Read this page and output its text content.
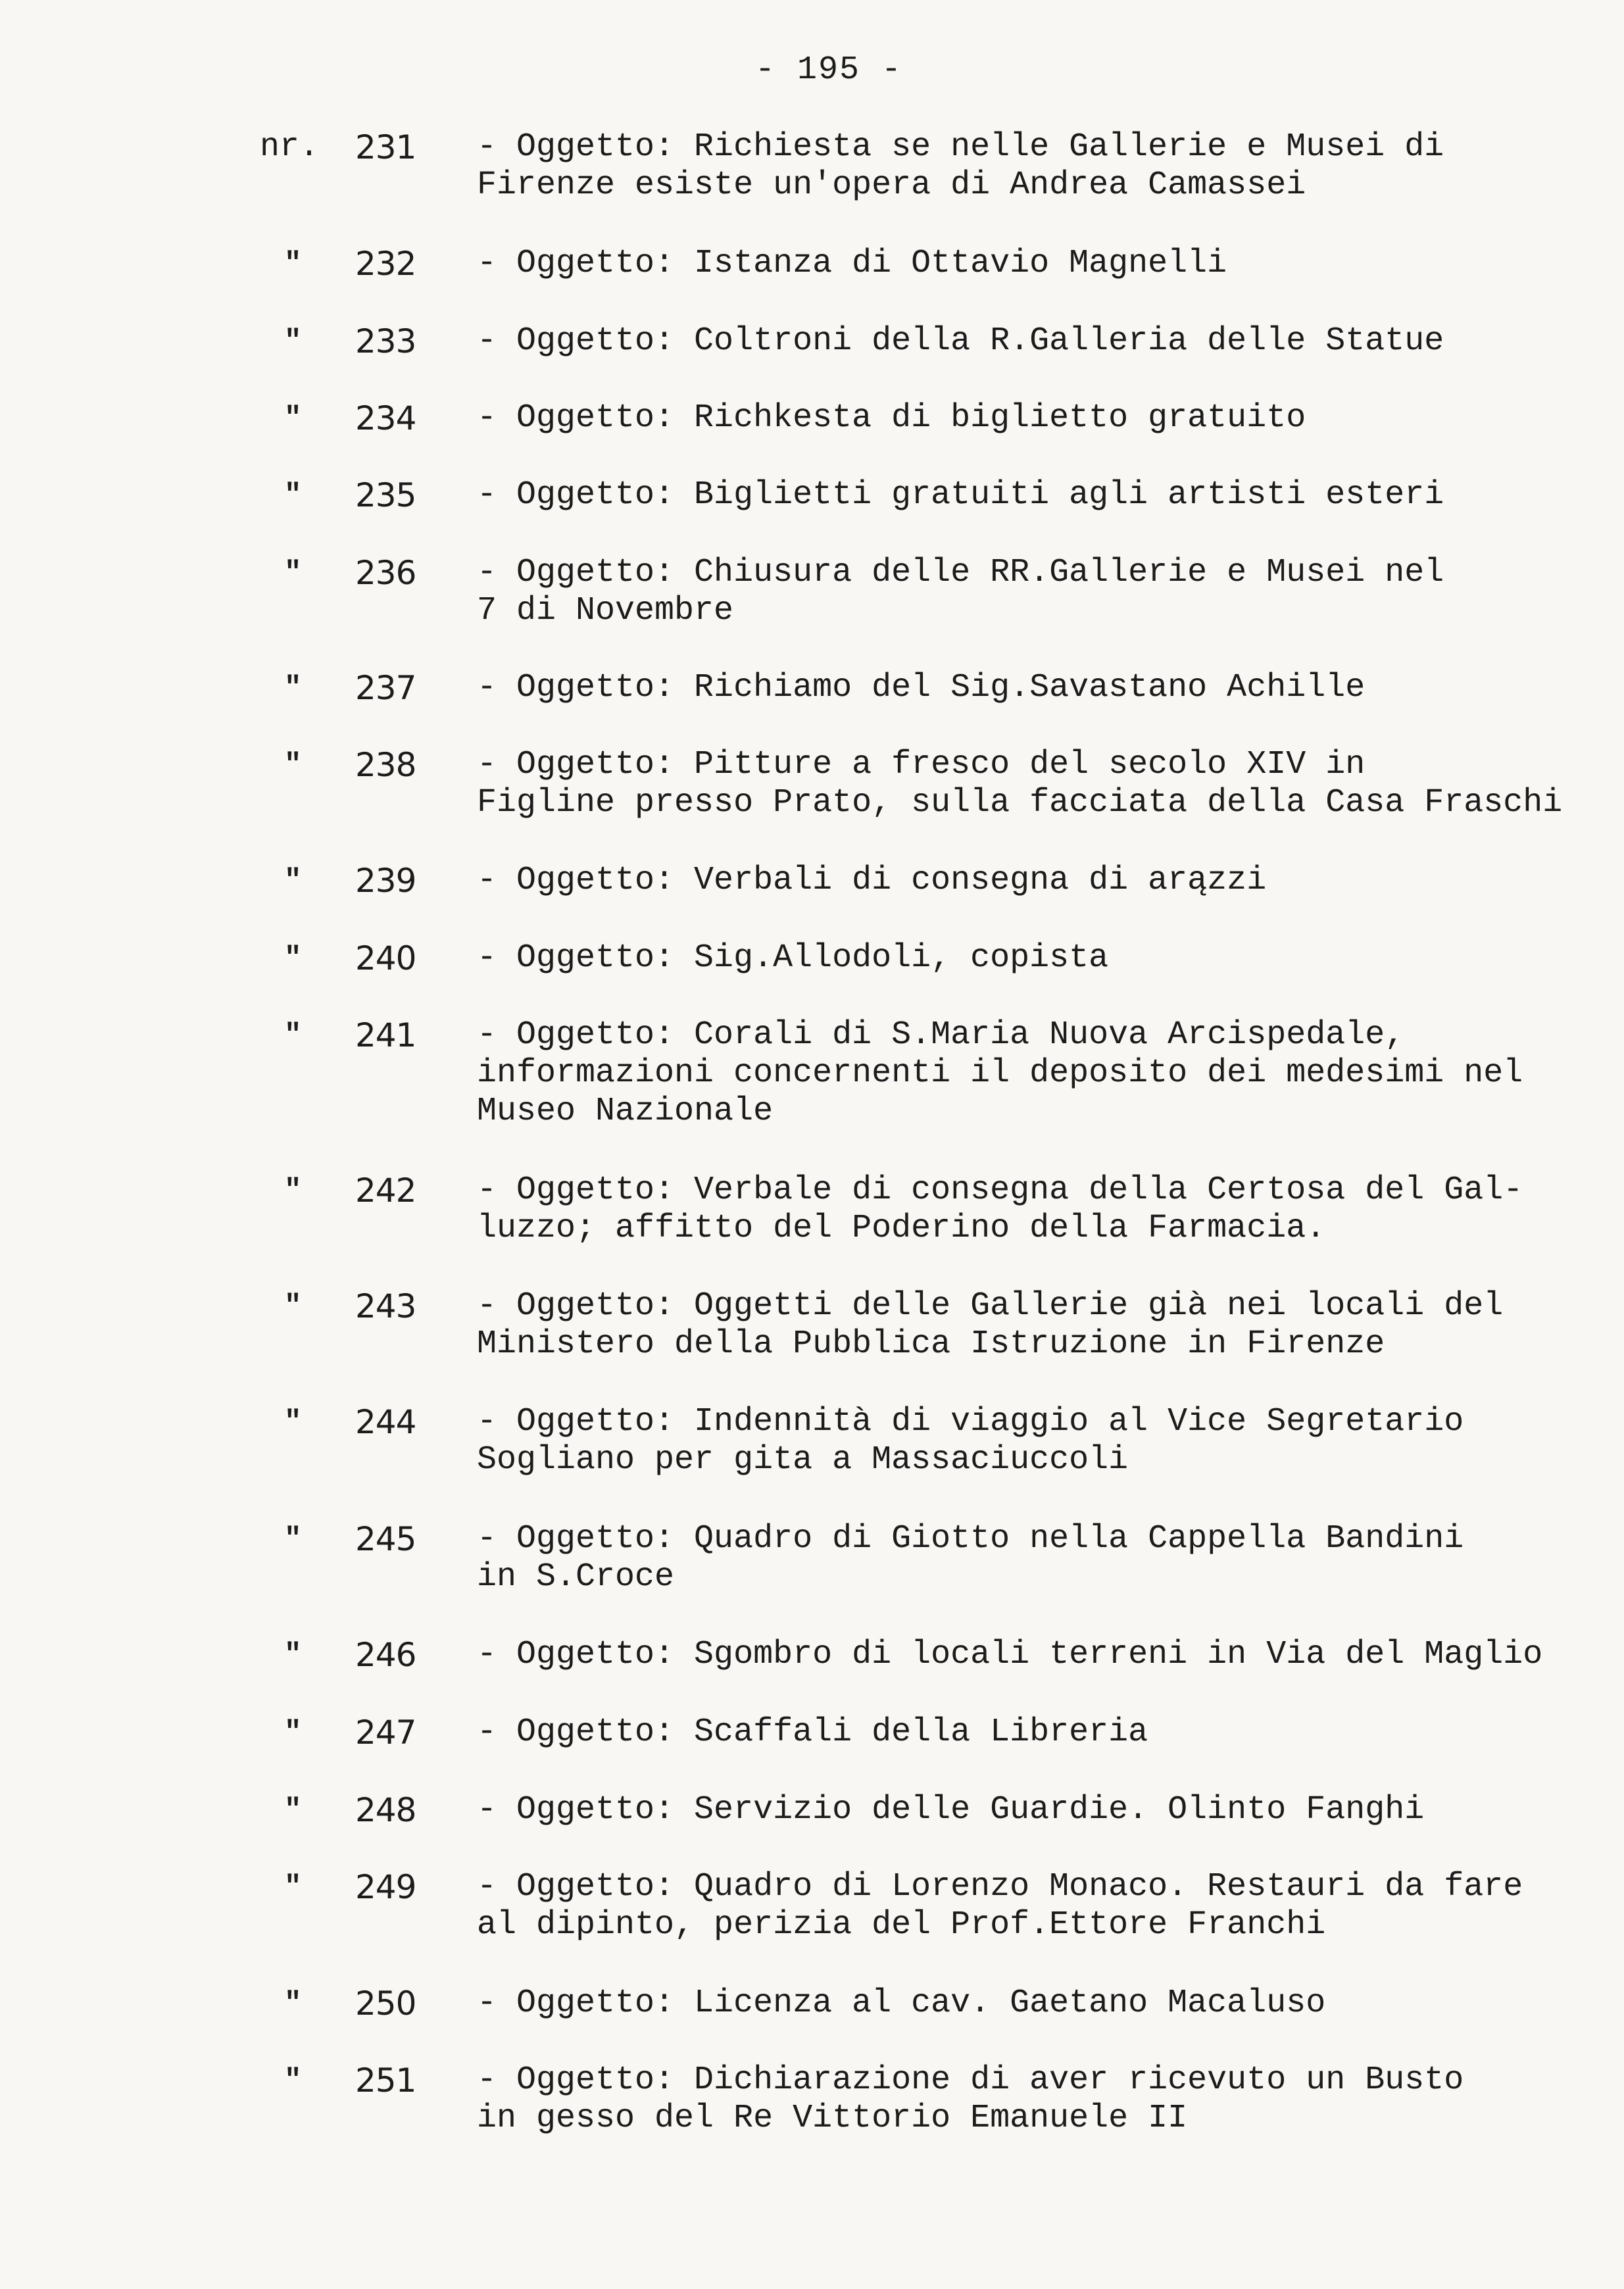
- 195 -
nr. 231 - Oggetto: Richiesta se nelle Gallerie e Musei di
Firenze esiste un'opera di Andrea Camassei
" 232 - Oggetto: Istanza di Ottavio Magnelli
" 233 - Oggetto: Coltroni della R.Galleria delle Statue
" 234 - Oggetto: Richkesta di biglietto gratuito
" 235 - Oggetto: Biglietti gratuiti agli artisti esteri
" 236 - Oggetto: Chiusura delle RR.Gallerie e Musei nel
7 di Novembre
" 237 - Oggetto: Richiamo del Sig.Savastano Achille
" 238 - Oggetto: Pitture a fresco del secolo XIV in
Figline presso Prato, sulla facciata della Casa Fraschi
" 239 - Oggetto: Verbali di consegna di arązzi
" 240 - Oggetto: Sig.Allodoli, copista
" 241 - Oggetto: Corali di S.Maria Nuova Arcispedale,
informazioni concernenti il deposito dei medesimi nel
Museo Nazionale
" 242 - Oggetto: Verbale di consegna della Certosa del Gal-
luzzo; affitto del Poderino della Farmacia.
" 243 - Oggetto: Oggetti delle Gallerie già nei locali del
Ministero della Pubblica Istruzione in Firenze
" 244 - Oggetto: Indennità di viaggio al Vice Segretario
Sogliano per gita a Massaciuccoli
" 245 - Oggetto: Quadro di Giotto nella Cappella Bandini
in S.Croce
" 246 - Oggetto: Sgombro di locali terreni in Via del Maglio
" 247 - Oggetto: Scaffali della Libreria
" 248 - Oggetto: Servizio delle Guardie. Olinto Fanghi
" 249 - Oggetto: Quadro di Lorenzo Monaco. Restauri da fare
al dipinto, perizia del Prof.Ettore Franchi
" 250 - Oggetto: Licenza al cav. Gaetano Macaluso
" 251 - Oggetto: Dichiarazione di aver ricevuto un Busto
in gesso del Re Vittorio Emanuele II
